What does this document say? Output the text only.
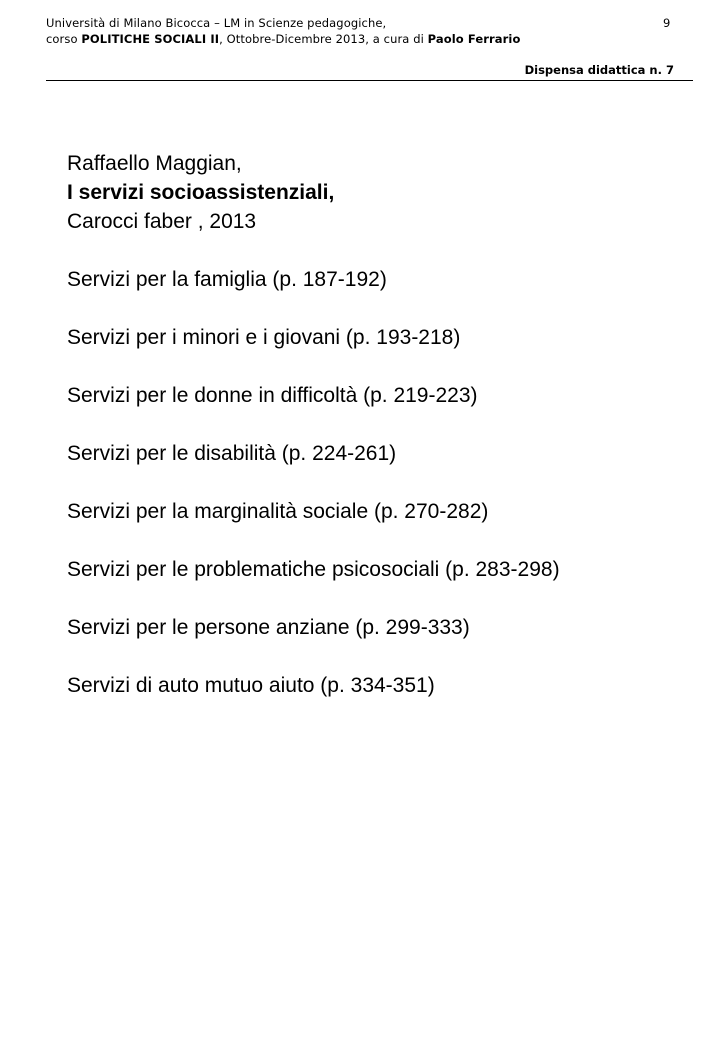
Università di Milano Bicocca – LM in Scienze pedagogiche,
corso POLITICHE SOCIALI II, Ottobre-Dicembre 2013, a cura di Paolo Ferrario
9
Dispensa didattica n. 7
Raffaello Maggian,
I servizi socioassistenziali,
Carocci faber , 2013
Servizi per la famiglia (p. 187-192)
Servizi per i minori e i giovani (p. 193-218)
Servizi per le donne in difficoltà (p. 219-223)
Servizi per le disabilità (p. 224-261)
Servizi per la marginalità sociale (p. 270-282)
Servizi per le problematiche psicosociali (p. 283-298)
Servizi per le persone anziane (p. 299-333)
Servizi di auto mutuo aiuto (p. 334-351)
